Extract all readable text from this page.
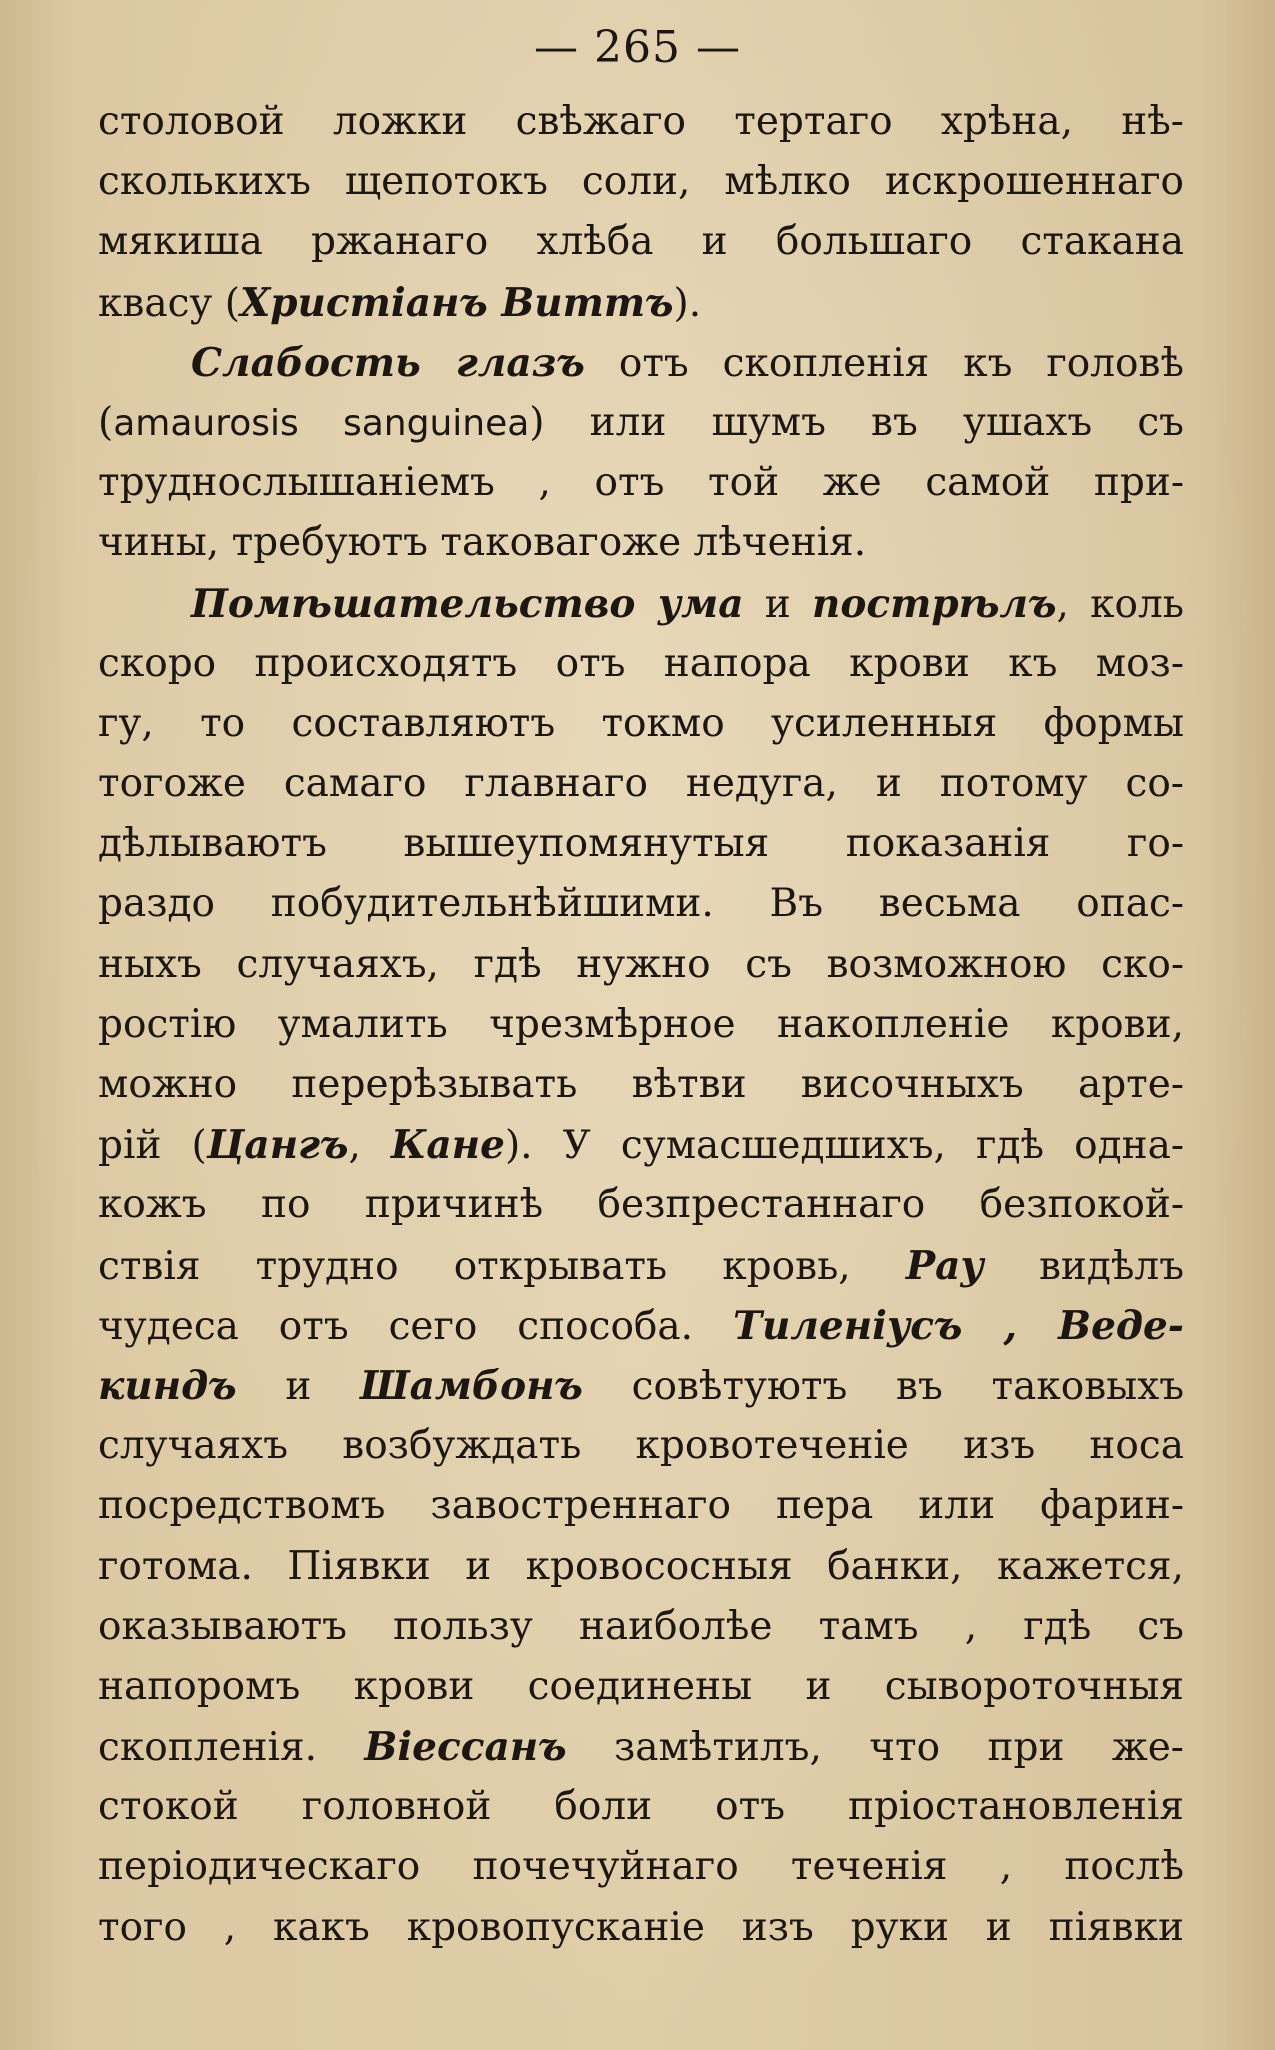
— 265 —
столовой ложки свѣжаго тертаго хрѣна, нѣ-
сколькихъ щепотокъ соли, мѣлко искрошеннаго
мякиша ржанаго хлѣба и большаго стакана
квасу (Христіанъ Виттъ).
Слабость глазъ отъ скопленія къ головѣ
(amaurosis sanguinea) или шумъ въ ушахъ съ
труднослышаніемъ , отъ той же самой при-
чины, требуютъ таковагоже лѣченія.
Помѣшательство ума и пострѣлъ, коль
скоро происходятъ отъ напора крови къ моз-
гу, то составляютъ токмо усиленныя формы
тогоже самаго главнаго недуга, и потому со-
дѣлываютъ вышеупомянутыя показанія го-
раздо побудительнѣйшими. Въ весьма опас-
ныхъ случаяхъ, гдѣ нужно съ возможною ско-
ростію умалить чрезмѣрное накопленіе крови,
можно перерѣзывать вѣтви височныхъ арте-
рій (Цангъ, Кане). У сумасшедшихъ, гдѣ одна-
кожъ по причинѣ безпрестаннаго безпокой-
ствія трудно открывать кровь, Рау видѣлъ
чудеса отъ сего способа. Тиленіусъ , Веде-
киндъ и Шамбонъ совѣтуютъ въ таковыхъ
случаяхъ возбуждать кровотеченіе изъ носа
посредствомъ завостреннаго пера или фарин-
готома. Піявки и кровососныя банки, кажется,
оказываютъ пользу наиболѣе тамъ , гдѣ съ
напоромъ крови соединены и сывороточныя
скопленія. Віессанъ замѣтилъ, что при же-
стокой головной боли отъ пріостановленія
періодическаго почечуйнаго теченія , послѣ
того , какъ кровопусканіе изъ руки и піявки
